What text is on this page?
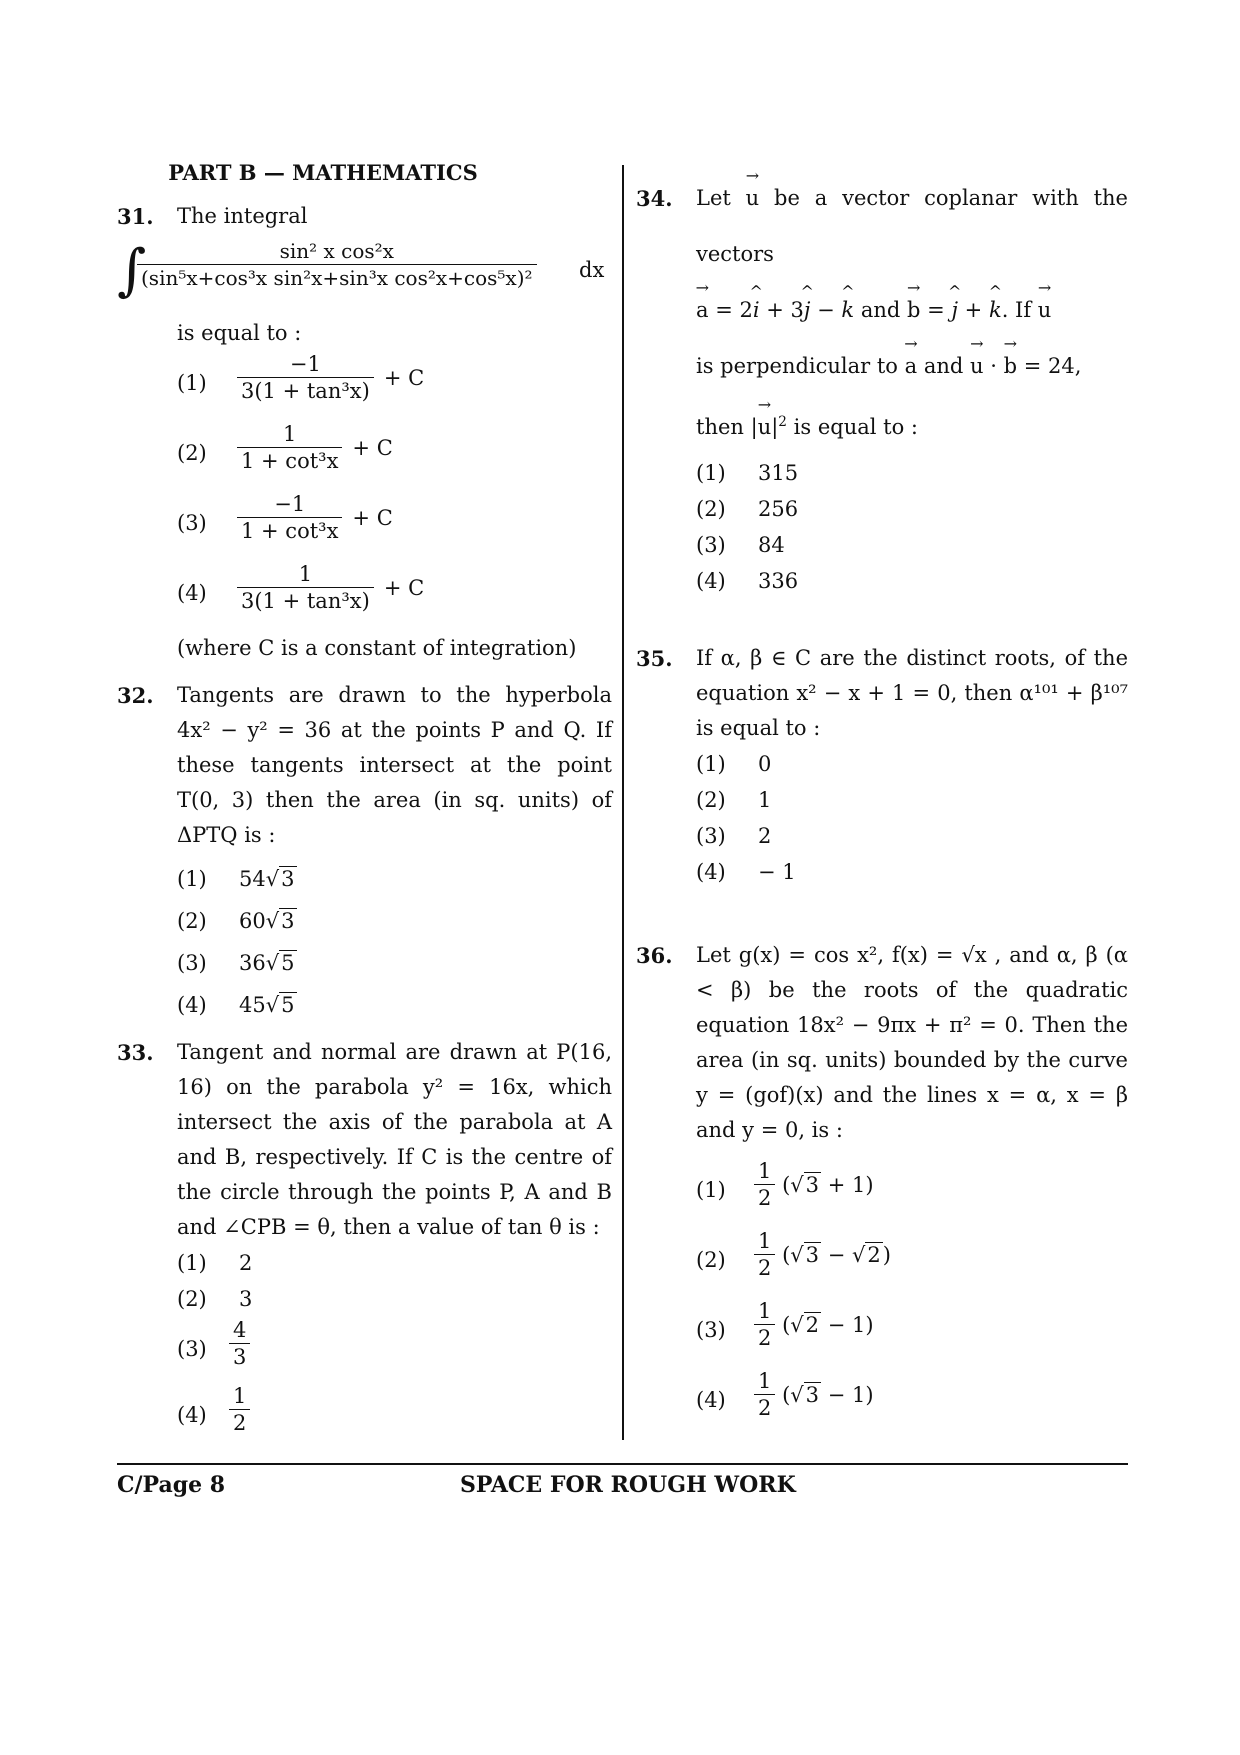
PART B — MATHEMATICS
31. The integral
∫
$\frac{\text{sin² x cos²x}}{\text{(sin⁵x+cos³x sin²x+sin³x cos²x+cos⁵x)²}}$ dx
is equal to :
$(1) \frac{-1}{\text{3(1 + tan³x)}} + C$
$(2) \frac{1}{\text{1 + cot³x}} + C$
$(3) \frac{-1}{\text{1 + cot³x}} + C$
$(4) \frac{1}{\text{3(1 + tan³x)}} + C$
(where C is a constant of integration)
32. Tangents are drawn to the hyperbola 4x² − y² = 36 at the points P and Q. If these tangents intersect at the point T(0, 3) then the area (in sq. units) of ΔPTQ is :
(1) 54√3
(2) 60√3
(3) 36√5
(4) 45√5
33. Tangent and normal are drawn at P(16, 16) on the parabola y² = 16x, which intersect the axis of the parabola at A and B, respectively. If C is the centre of the circle through the points P, A and B and ∠CPB = θ, then a value of tan θ is :
(1) 2
(2) 3
$(3) \frac{4}{3}$
$(4) \frac{1}{2}$
34. Let → u be a vector coplanar with the vectors
→ a = 2^ i + 3^ j − ^ k and → b = ^ j + ^ k. If → u
is perpendicular to → a and → u · → b = 24,
then |→ $u|^2$ is equal to :
(1) 315
(2) 256
(3) 84
(4) 336
35. If α, β ∈ C are the distinct roots, of the equation x² − x + 1 = 0, then α¹⁰¹ + β¹⁰⁷ is equal to :
(1) 0
(2) 1
(3) 2
(4) − 1
36. Let g(x) = cos x², f(x) = √x , and α, β (α < β) be the roots of the quadratic equation 18x² − 9πx + π² = 0. Then the area (in sq. units) bounded by the curve y = (gof)(x) and the lines x = α, x = β and y = 0, is :
$(1) \frac{1}{2} (√3 + 1)$
$(2) \frac{1}{2} (√3 - √2)$
$(3) \frac{1}{2} (√2 - 1)$
$(4) \frac{1}{2} (√3 - 1)$
C/Page 8	SPACE FOR ROUGH WORK
